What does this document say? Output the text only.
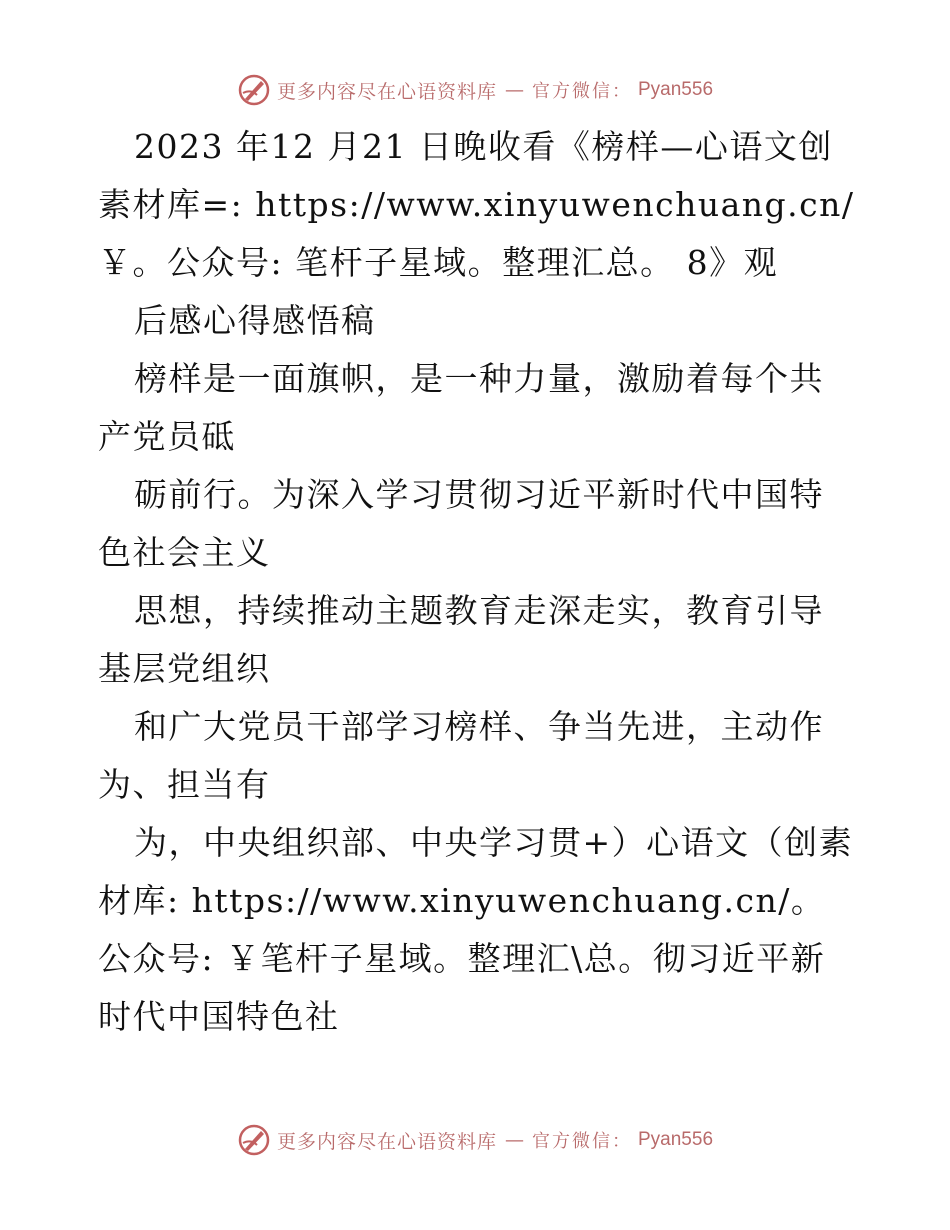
更多内容尽在心语资料库 — 官方微信： Pyan556

2023 年12 月21 日晚收看《榜样—心语文创素材库=: https://www.xinyuwenchuang.cn/￥。公众号: 笔杆子星域。整理汇总。 8》观

后感心得感悟稿

榜样是一面旗帜，是一种力量，激励着每个共产党员砥

砺前行。为深入学习贯彻习近平新时代中国特色社会主义

思想，持续推动主题教育走深走实，教育引导基层党组织

和广大党员干部学习榜样、争当先进，主动作为、担当有

为，中央组织部、中央学习贯+）心语文（创素材库: https://www.xinyuwenchuang.cn/。公众号: ￥笔杆子星域。整理汇\总。彻习近平新时代中国特色社

更多内容尽在心语资料库 — 官方微信： Pyan556
